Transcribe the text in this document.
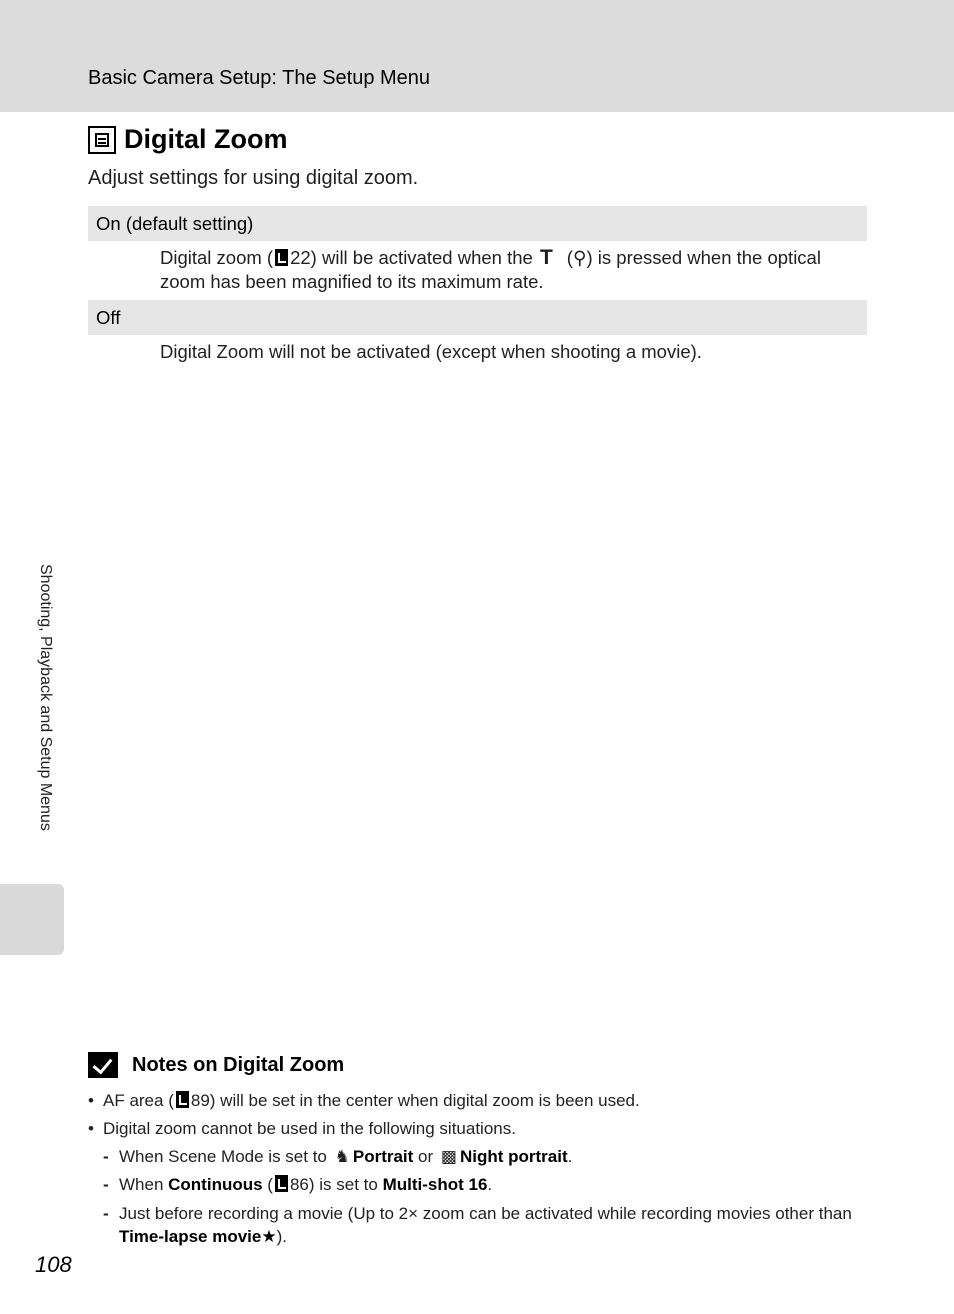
Basic Camera Setup: The Setup Menu
Digital Zoom
Adjust settings for using digital zoom.
On (default setting)
Digital zoom ( 22) will be activated when the T (⚲) is pressed when the optical zoom has been magnified to its maximum rate.
Off
Digital Zoom will not be activated (except when shooting a movie).
Shooting, Playback and Setup Menus
Notes on Digital Zoom
• AF area ( 89) will be set in the center when digital zoom is been used.
• Digital zoom cannot be used in the following situations.
- When Scene Mode is set to ♞ Portrait or ▩ Night portrait.
- When Continuous ( 86) is set to Multi-shot 16.
- Just before recording a movie (Up to 2× zoom can be activated while recording movies other than Time-lapse movie★).
108
